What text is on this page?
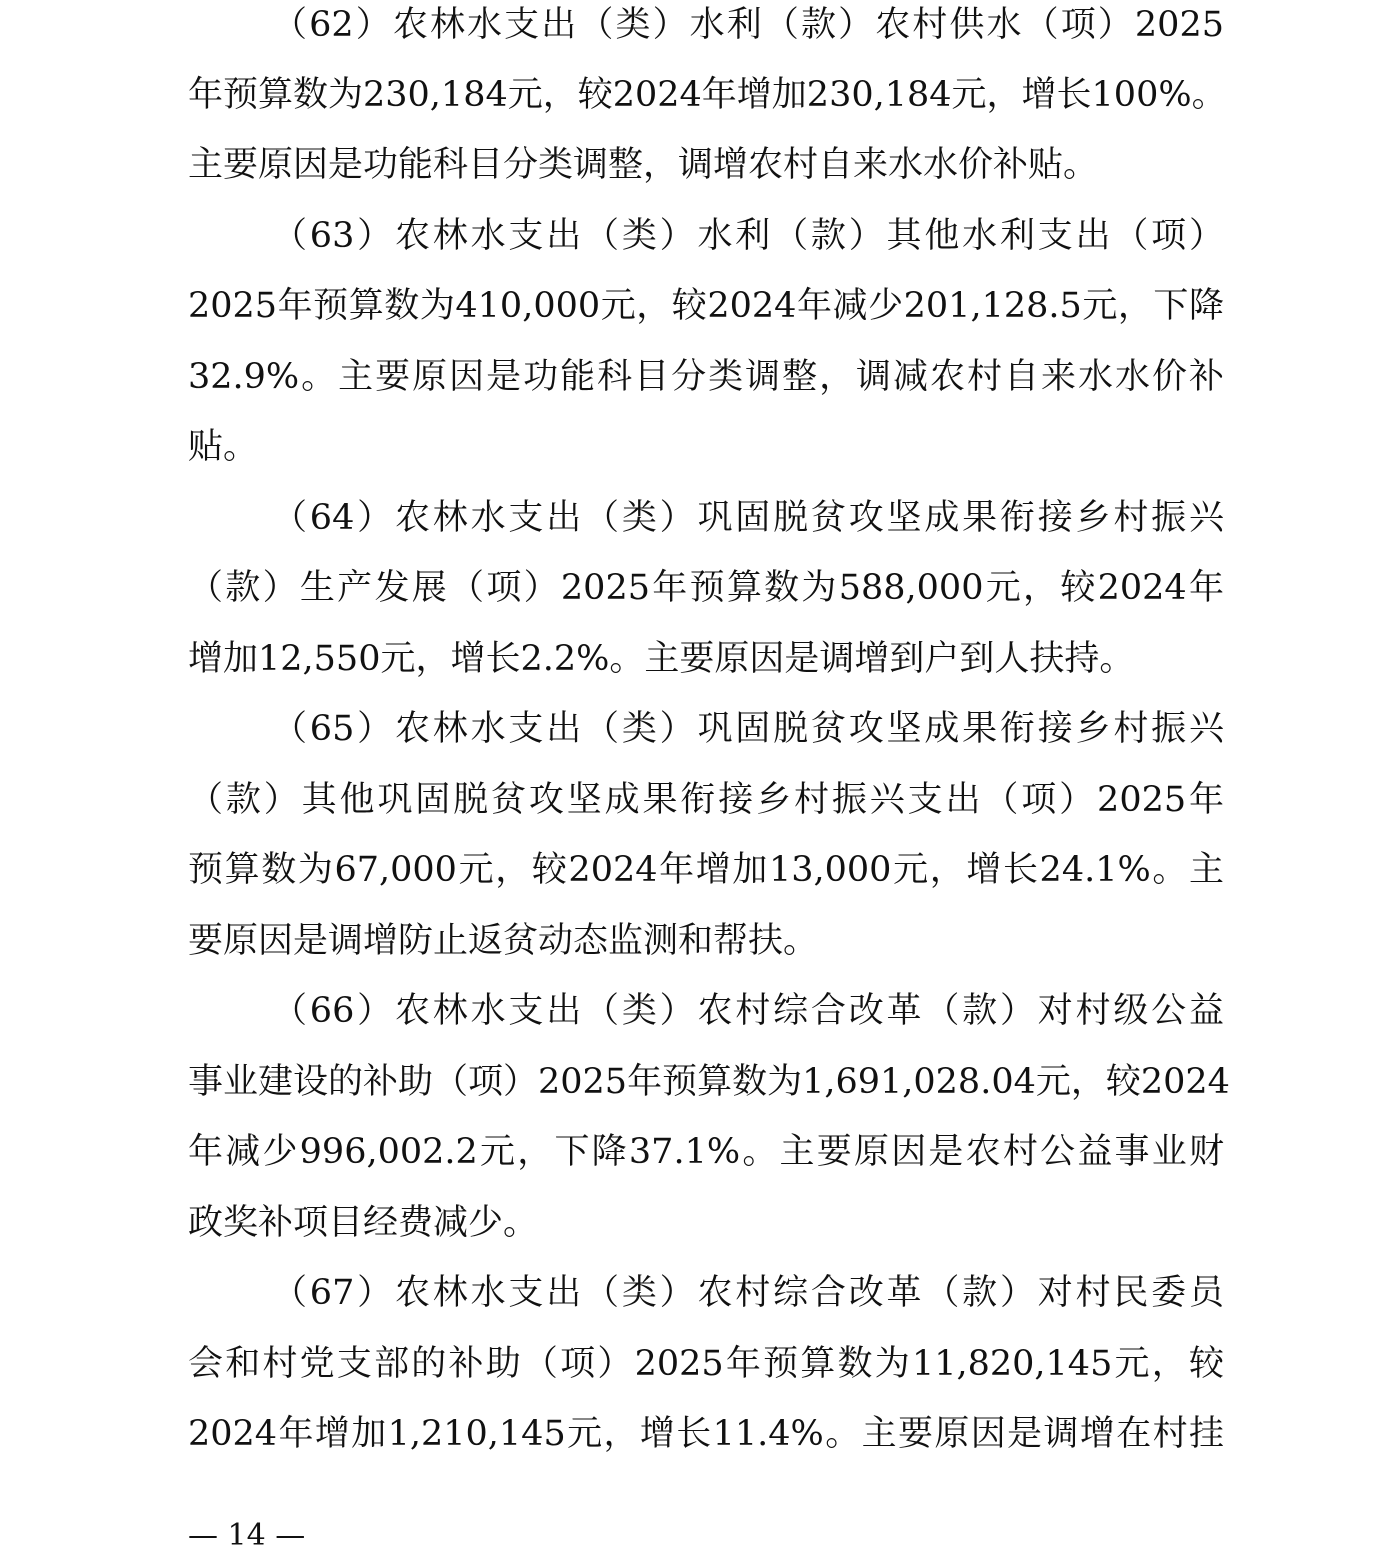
（62）农林水支出（类）水利（款）农村供水（项）2025
年预算数为230,184元，较2024年增加230,184元，增长100%。
主要原因是功能科目分类调整，调增农村自来水水价补贴。
（63）农林水支出（类）水利（款）其他水利支出（项）
2025年预算数为410,000元，较2024年减少201,128.5元，下降
32.9%。主要原因是功能科目分类调整，调减农村自来水水价补
贴。
（64）农林水支出（类）巩固脱贫攻坚成果衔接乡村振兴
（款）生产发展（项）2025年预算数为588,000元，较2024年
增加12,550元，增长2.2%。主要原因是调增到户到人扶持。
（65）农林水支出（类）巩固脱贫攻坚成果衔接乡村振兴
（款）其他巩固脱贫攻坚成果衔接乡村振兴支出（项）2025年
预算数为67,000元，较2024年增加13,000元，增长24.1%。主
要原因是调增防止返贫动态监测和帮扶。
（66）农林水支出（类）农村综合改革（款）对村级公益
事业建设的补助（项）2025年预算数为1,691,028.04元，较2024
年减少996,002.2元，下降37.1%。主要原因是农村公益事业财
政奖补项目经费减少。
（67）农林水支出（类）农村综合改革（款）对村民委员
会和村党支部的补助（项）2025年预算数为11,820,145元，较
2024年增加1,210,145元，增长11.4%。主要原因是调增在村挂
— 14 —
